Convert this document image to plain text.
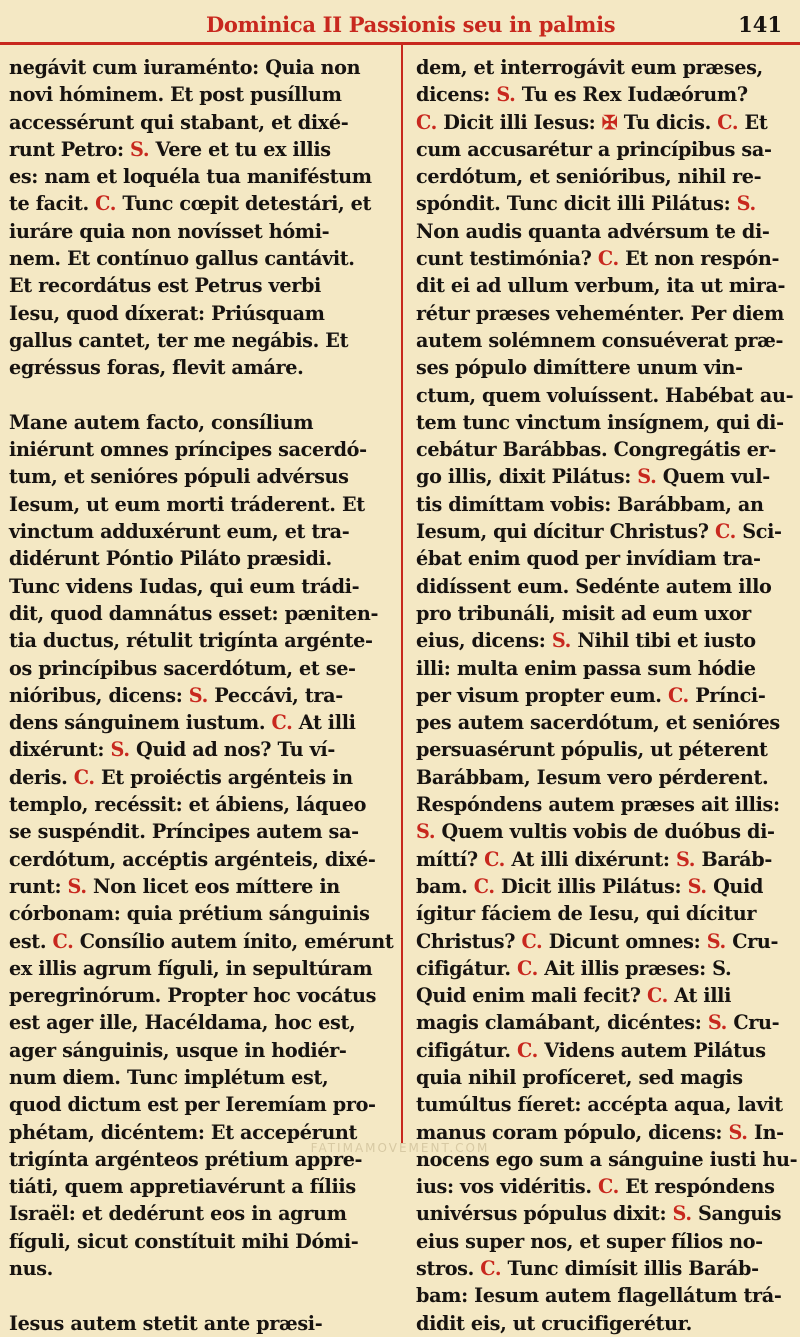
Dominica II Passionis seu in palmis	141
negávit cum iuraménto: Quia non
novi hóminem. Et post pusíllum
accessérunt qui stabant, et dixé-
runt Petro: S. Vere et tu ex illis
es: nam et loquéla tua maniféstum
te facit. C. Tunc cœpit detestári, et
iuráre quia non novísset hómi-
nem. Et contínuo gallus cantávit.
Et recordátus est Petrus verbi
Iesu, quod díxerat: Priúsquam
gallus cantet, ter me negábis. Et
egréssus foras, flevit amáre.
Mane autem facto, consílium
iniérunt omnes príncipes sacerdó-
tum, et senióres pópuli advérsus
Iesum, ut eum morti tráderent. Et
vinctum adduxérunt eum, et tra-
didérunt Póntio Piláto præsidi.
Tunc videns Iudas, qui eum trádi-
dit, quod damnátus esset: pæniten-
tia ductus, rétulit trigínta argénte-
os princípibus sacerdótum, et se-
nióribus, dicens: S. Peccávi, tra-
dens sánguinem iustum. C. At illi
dixérunt: S. Quid ad nos? Tu ví-
deris. C. Et proiéctis argénteis in
templo, recéssit: et ábiens, láqueo
se suspéndit. Príncipes autem sa-
cerdótum, accéptis argénteis, dixé-
runt: S. Non licet eos míttere in
córbonam: quia prétium sánguinis
est. C. Consílio autem ínito, emérunt
ex illis agrum fíguli, in sepultúram
peregrinórum. Propter hoc vocátus
est ager ille, Hacéldama, hoc est,
ager sánguinis, usque in hodiér-
num diem. Tunc implétum est,
quod dictum est per Ieremíam pro-
phétam, dicéntem: Et accepérunt
trigínta argénteos prétium appre-
tiáti, quem appretiavérunt a fíliis
Israël: et dedérunt eos in agrum
fíguli, sicut constítuit mihi Dómi-
nus.
Iesus autem stetit ante præsi-
dem, et interrogávit eum præses,
dicens: S. Tu es Rex Iudæórum?
C. Dicit illi Iesus: ✠ Tu dicis. C. Et
cum accusarétur a princípibus sa-
cerdótum, et senióribus, nihil re-
spóndit. Tunc dicit illi Pilátus: S.
Non audis quanta advérsum te di-
cunt testimónia? C. Et non respón-
dit ei ad ullum verbum, ita ut mira-
rétur præses veheménter. Per diem
autem solémnem consuéverat præ-
ses pópulo dimíttere unum vin-
ctum, quem voluíssent. Habébat au-
tem tunc vinctum insígnem, qui di-
cebátur Barábbas. Congregátis er-
go illis, dixit Pilátus: S. Quem vul-
tis dimíttam vobis: Barábbam, an
Iesum, qui dícitur Christus? C. Sci-
ébat enim quod per invídiam tra-
didíssent eum. Sedénte autem illo
pro tribunáli, misit ad eum uxor
eius, dicens: S. Nihil tibi et iusto
illi: multa enim passa sum hódie
per visum propter eum. C. Prínci-
pes autem sacerdótum, et senióres
persuasérunt pópulis, ut péterent
Barábbam, Iesum vero pérderent.
Respóndens autem præses ait illis:
S. Quem vultis vobis de duóbus di-
míttí? C. At illi dixérunt: S. Baráb-
bam. C. Dicit illis Pilátus: S. Quid
ígitur fáciem de Iesu, qui dícitur
Christus? C. Dicunt omnes: S. Cru-
cifigátur. C. Ait illis præses: S.
Quid enim mali fecit? C. At illi
magis clamábant, dicéntes: S. Cru-
cifigátur. C. Videns autem Pilátus
quia nihil profíceret, sed magis
tumúltus fíeret: accépta aqua, lavit
manus coram pópulo, dicens: S. In-
nocens ego sum a sánguine iusti hu-
ius: vos vidéritis. C. Et respóndens
univérsus pópulus dixit: S. Sanguis
eius super nos, et super fílios no-
stros. C. Tunc dimísit illis Baráb-
bam: Iesum autem flagellátum trá-
didit eis, ut crucifigerétur.
FATIMAMOVEMENT.COM
